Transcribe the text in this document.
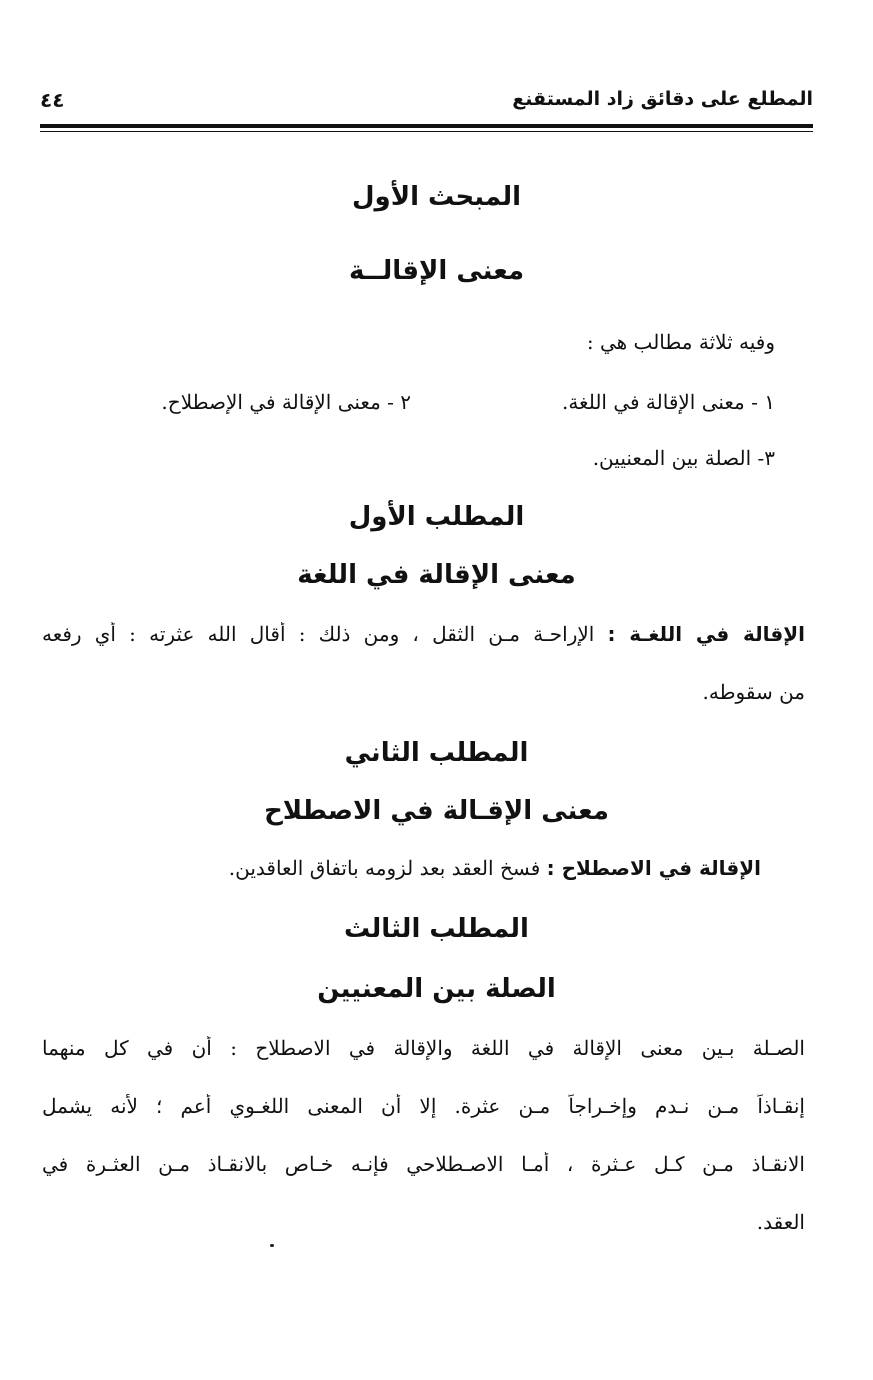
المطلع على دقائق زاد المستقنع
٤٤
المبحث الأول
معنى الإقالــة
وفيه ثلاثة مطالب هي :
١ - معنى الإقالة في اللغة.
٢ - معنى الإقالة في الإصطلاح.
٣- الصلة بين المعنيين.
المطلب الأول
معنى الإقالة في اللغة
الإقالة في اللغـة : الإراحـة مـن الثقل ، ومن ذلك : أقال الله عثرته : أي رفعه
من سقوطه.
المطلب الثاني
معنى الإقـالة في الاصطلاح
الإقالة في الاصطلاح : فسخ العقد بعد لزومه باتفاق العاقدين.
المطلب الثالث
الصلة بين المعنيين
الصـلة بـين معنى الإقالة في اللغة والإقالة في الاصطلاح : أن في كل منهما
إنقـاذاً مـن نـدم وإخـراجاً مـن عثرة. إلا أن المعنى اللغـوي أعم ؛ لأنه يشمل
الانقـاذ مـن كـل عـثرة ، أمـا الاصـطلاحي فإنـه خـاص بالانقـاذ مـن العثـرة في
العقد.
